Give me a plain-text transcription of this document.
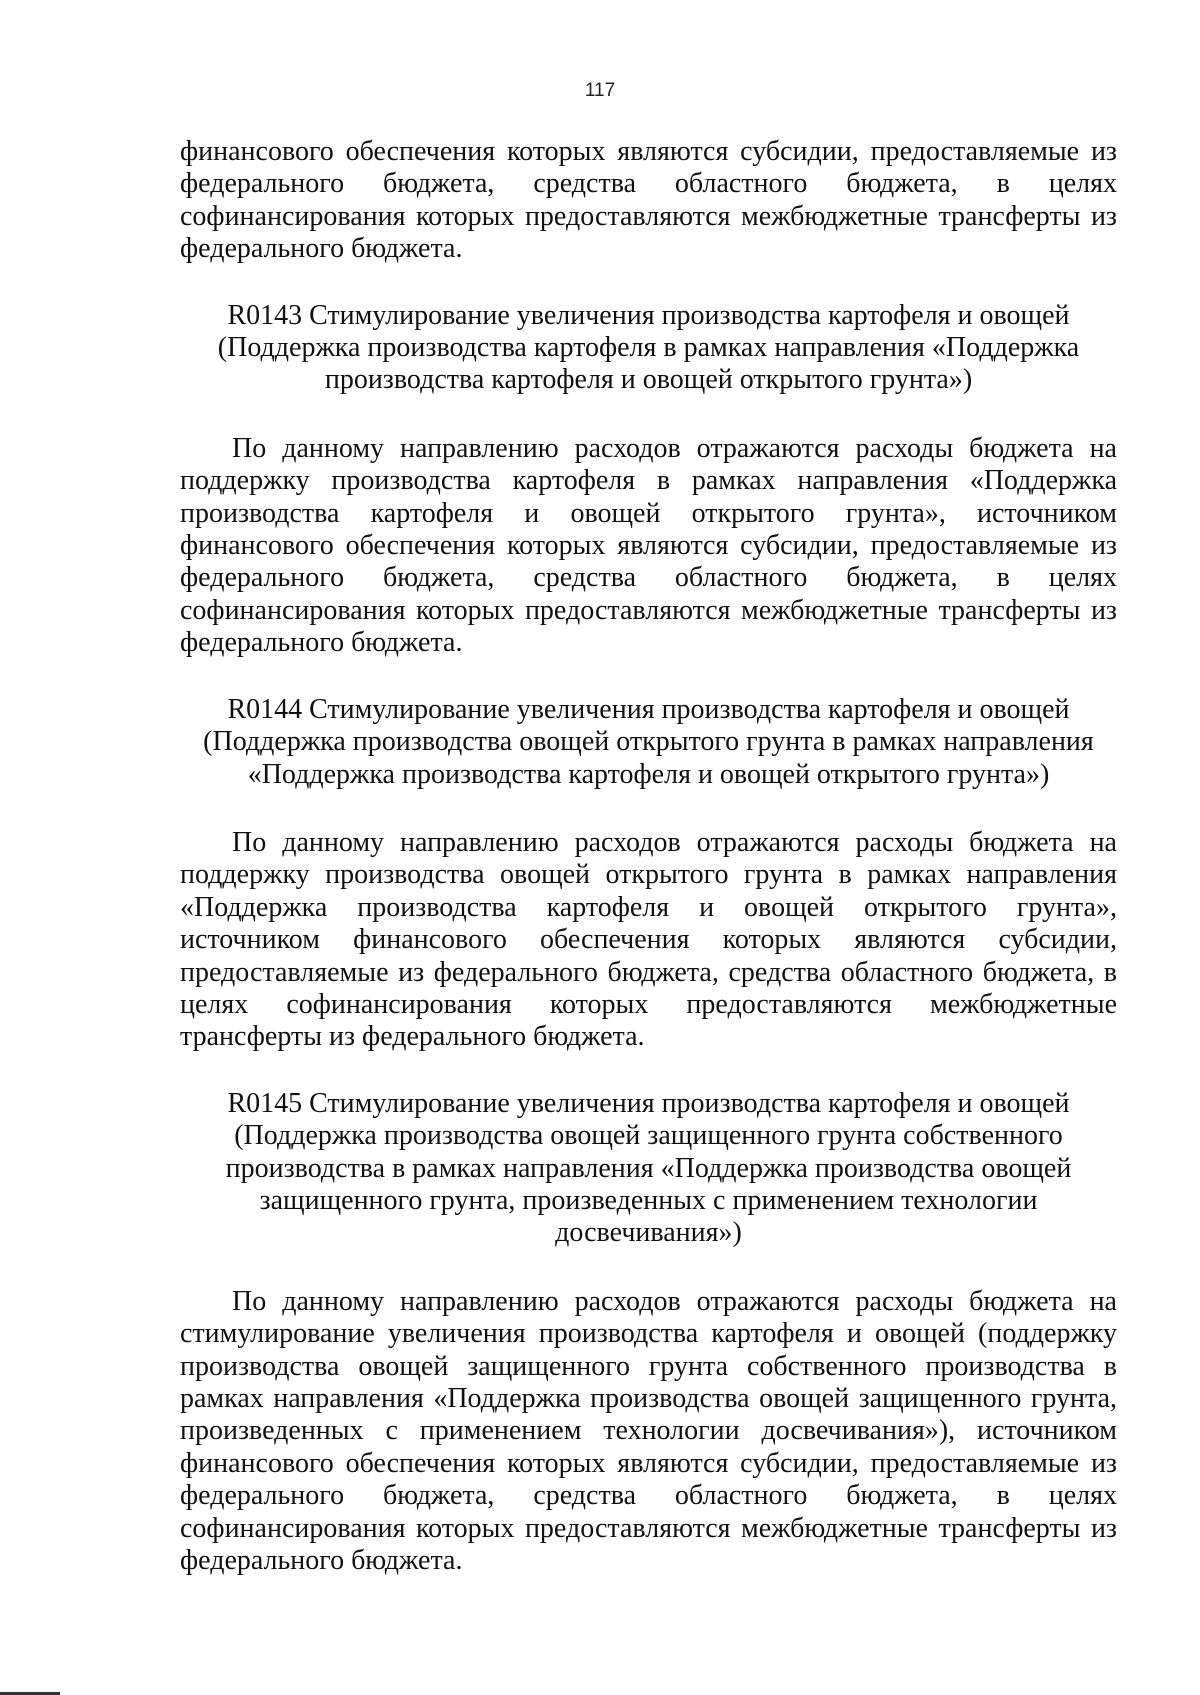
117

финансового обеспечения которых являются субсидии, предоставляемые из федерального бюджета, средства областного бюджета, в целях софинансирования которых предоставляются межбюджетные трансферты из федерального бюджета.

R0143 Стимулирование увеличения производства картофеля и овощей
(Поддержка производства картофеля в рамках направления «Поддержка
производства картофеля и овощей открытого грунта»)

По данному направлению расходов отражаются расходы бюджета на поддержку производства картофеля в рамках направления «Поддержка производства картофеля и овощей открытого грунта», источником финансового обеспечения которых являются субсидии, предоставляемые из федерального бюджета, средства областного бюджета, в целях софинансирования которых предоставляются межбюджетные трансферты из федерального бюджета.

R0144 Стимулирование увеличения производства картофеля и овощей
(Поддержка производства овощей открытого грунта в рамках направления
«Поддержка производства картофеля и овощей открытого грунта»)

По данному направлению расходов отражаются расходы бюджета на поддержку производства овощей открытого грунта в рамках направления «Поддержка производства картофеля и овощей открытого грунта», источником финансового обеспечения которых являются субсидии, предоставляемые из федерального бюджета, средства областного бюджета, в целях софинансирования которых предоставляются межбюджетные трансферты из федерального бюджета.

R0145 Стимулирование увеличения производства картофеля и овощей
(Поддержка производства овощей защищенного грунта собственного
производства в рамках направления «Поддержка производства овощей
защищенного грунта, произведенных с применением технологии
досвечивания»)

По данному направлению расходов отражаются расходы бюджета на стимулирование увеличения производства картофеля и овощей (поддержку производства овощей защищенного грунта собственного производства в рамках направления «Поддержка производства овощей защищенного грунта, произведенных с применением технологии досвечивания»), источником финансового обеспечения которых являются субсидии, предоставляемые из федерального бюджета, средства областного бюджета, в целях софинансирования которых предоставляются межбюджетные трансферты из федерального бюджета.
